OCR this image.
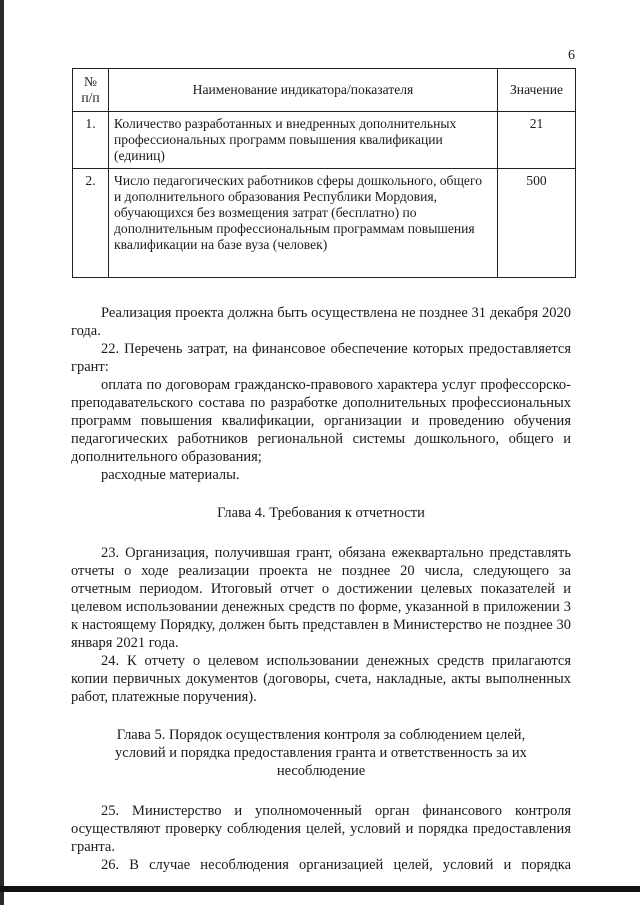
6
№ п/п	Наименование индикатора/показателя	Значение
1.	Количество разработанных и внедренных дополнительных профессиональных программ повышения квалификации (единиц)	21
2.	Число педагогических работников сферы дошкольного, общего и дополнительного образования Республики Мордовия, обучающихся без возмещения затрат (бесплатно) по дополнительным профессиональным программам повышения квалификации на базе вуза (человек)	500

Реализация проекта должна быть осуществлена не позднее 31 декабря 2020 года.

22. Перечень затрат, на финансовое обеспечение которых предоставляется грант:

оплата по договорам гражданско-правового характера услуг профессорско-преподавательского состава по разработке дополнительных профессиональных программ повышения квалификации, организации и проведению обучения педагогических работников региональной системы дошкольного, общего и дополнительного образования;

расходные материалы.

Глава 4. Требования к отчетности

23. Организация, получившая грант, обязана ежеквартально представлять отчеты о ходе реализации проекта не позднее 20 числа, следующего за отчетным периодом. Итоговый отчет о достижении целевых показателей и целевом использовании денежных средств по форме, указанной в приложении 3 к настоящему Порядку, должен быть представлен в Министерство не позднее 30 января 2021 года.

24. К отчету о целевом использовании денежных средств прилагаются копии первичных документов (договоры, счета, накладные, акты выполненных работ, платежные поручения).

Глава 5. Порядок осуществления контроля за соблюдением целей,

условий и порядка предоставления гранта и ответственность за их

несоблюдение

25. Министерство и уполномоченный орган финансового контроля осуществляют проверку соблюдения целей, условий и порядка предоставления гранта.

26. В случае несоблюдения организацией целей, условий и порядка
